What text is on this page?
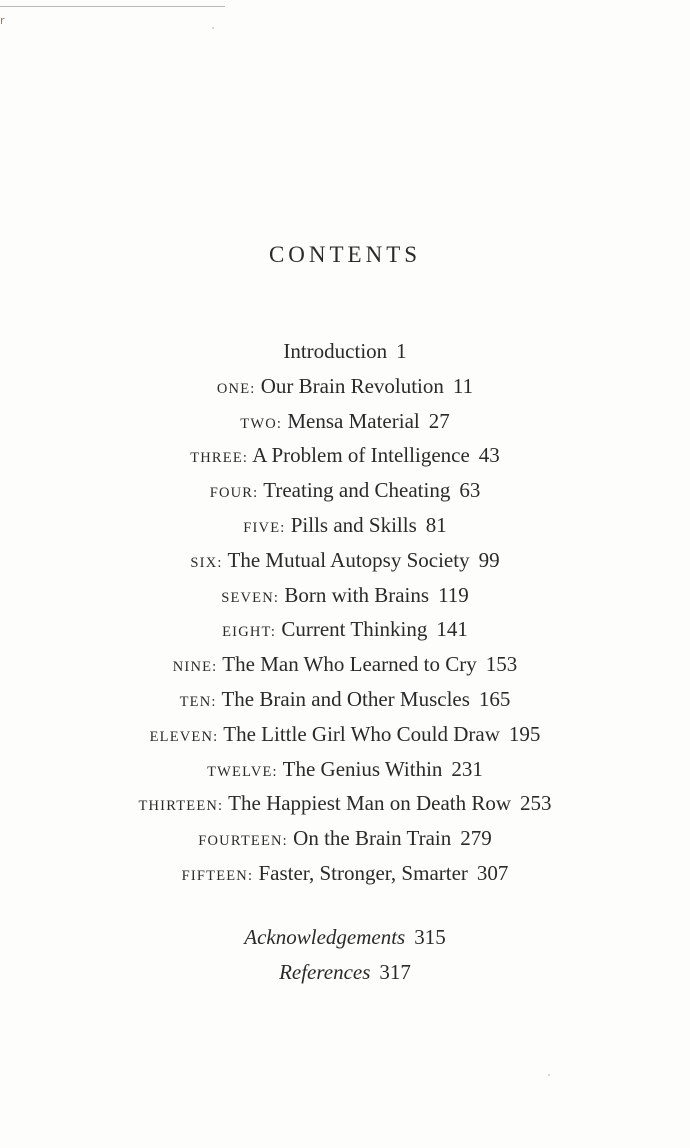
r
CONTENTS
Introduction 1
ONE: Our Brain Revolution 11
TWO: Mensa Material 27
THREE: A Problem of Intelligence 43
FOUR: Treating and Cheating 63
FIVE: Pills and Skills 81
SIX: The Mutual Autopsy Society 99
SEVEN: Born with Brains 119
EIGHT: Current Thinking 141
NINE: The Man Who Learned to Cry 153
TEN: The Brain and Other Muscles 165
ELEVEN: The Little Girl Who Could Draw 195
TWELVE: The Genius Within 231
THIRTEEN: The Happiest Man on Death Row 253
FOURTEEN: On the Brain Train 279
FIFTEEN: Faster, Stronger, Smarter 307
Acknowledgements 315
References 317
